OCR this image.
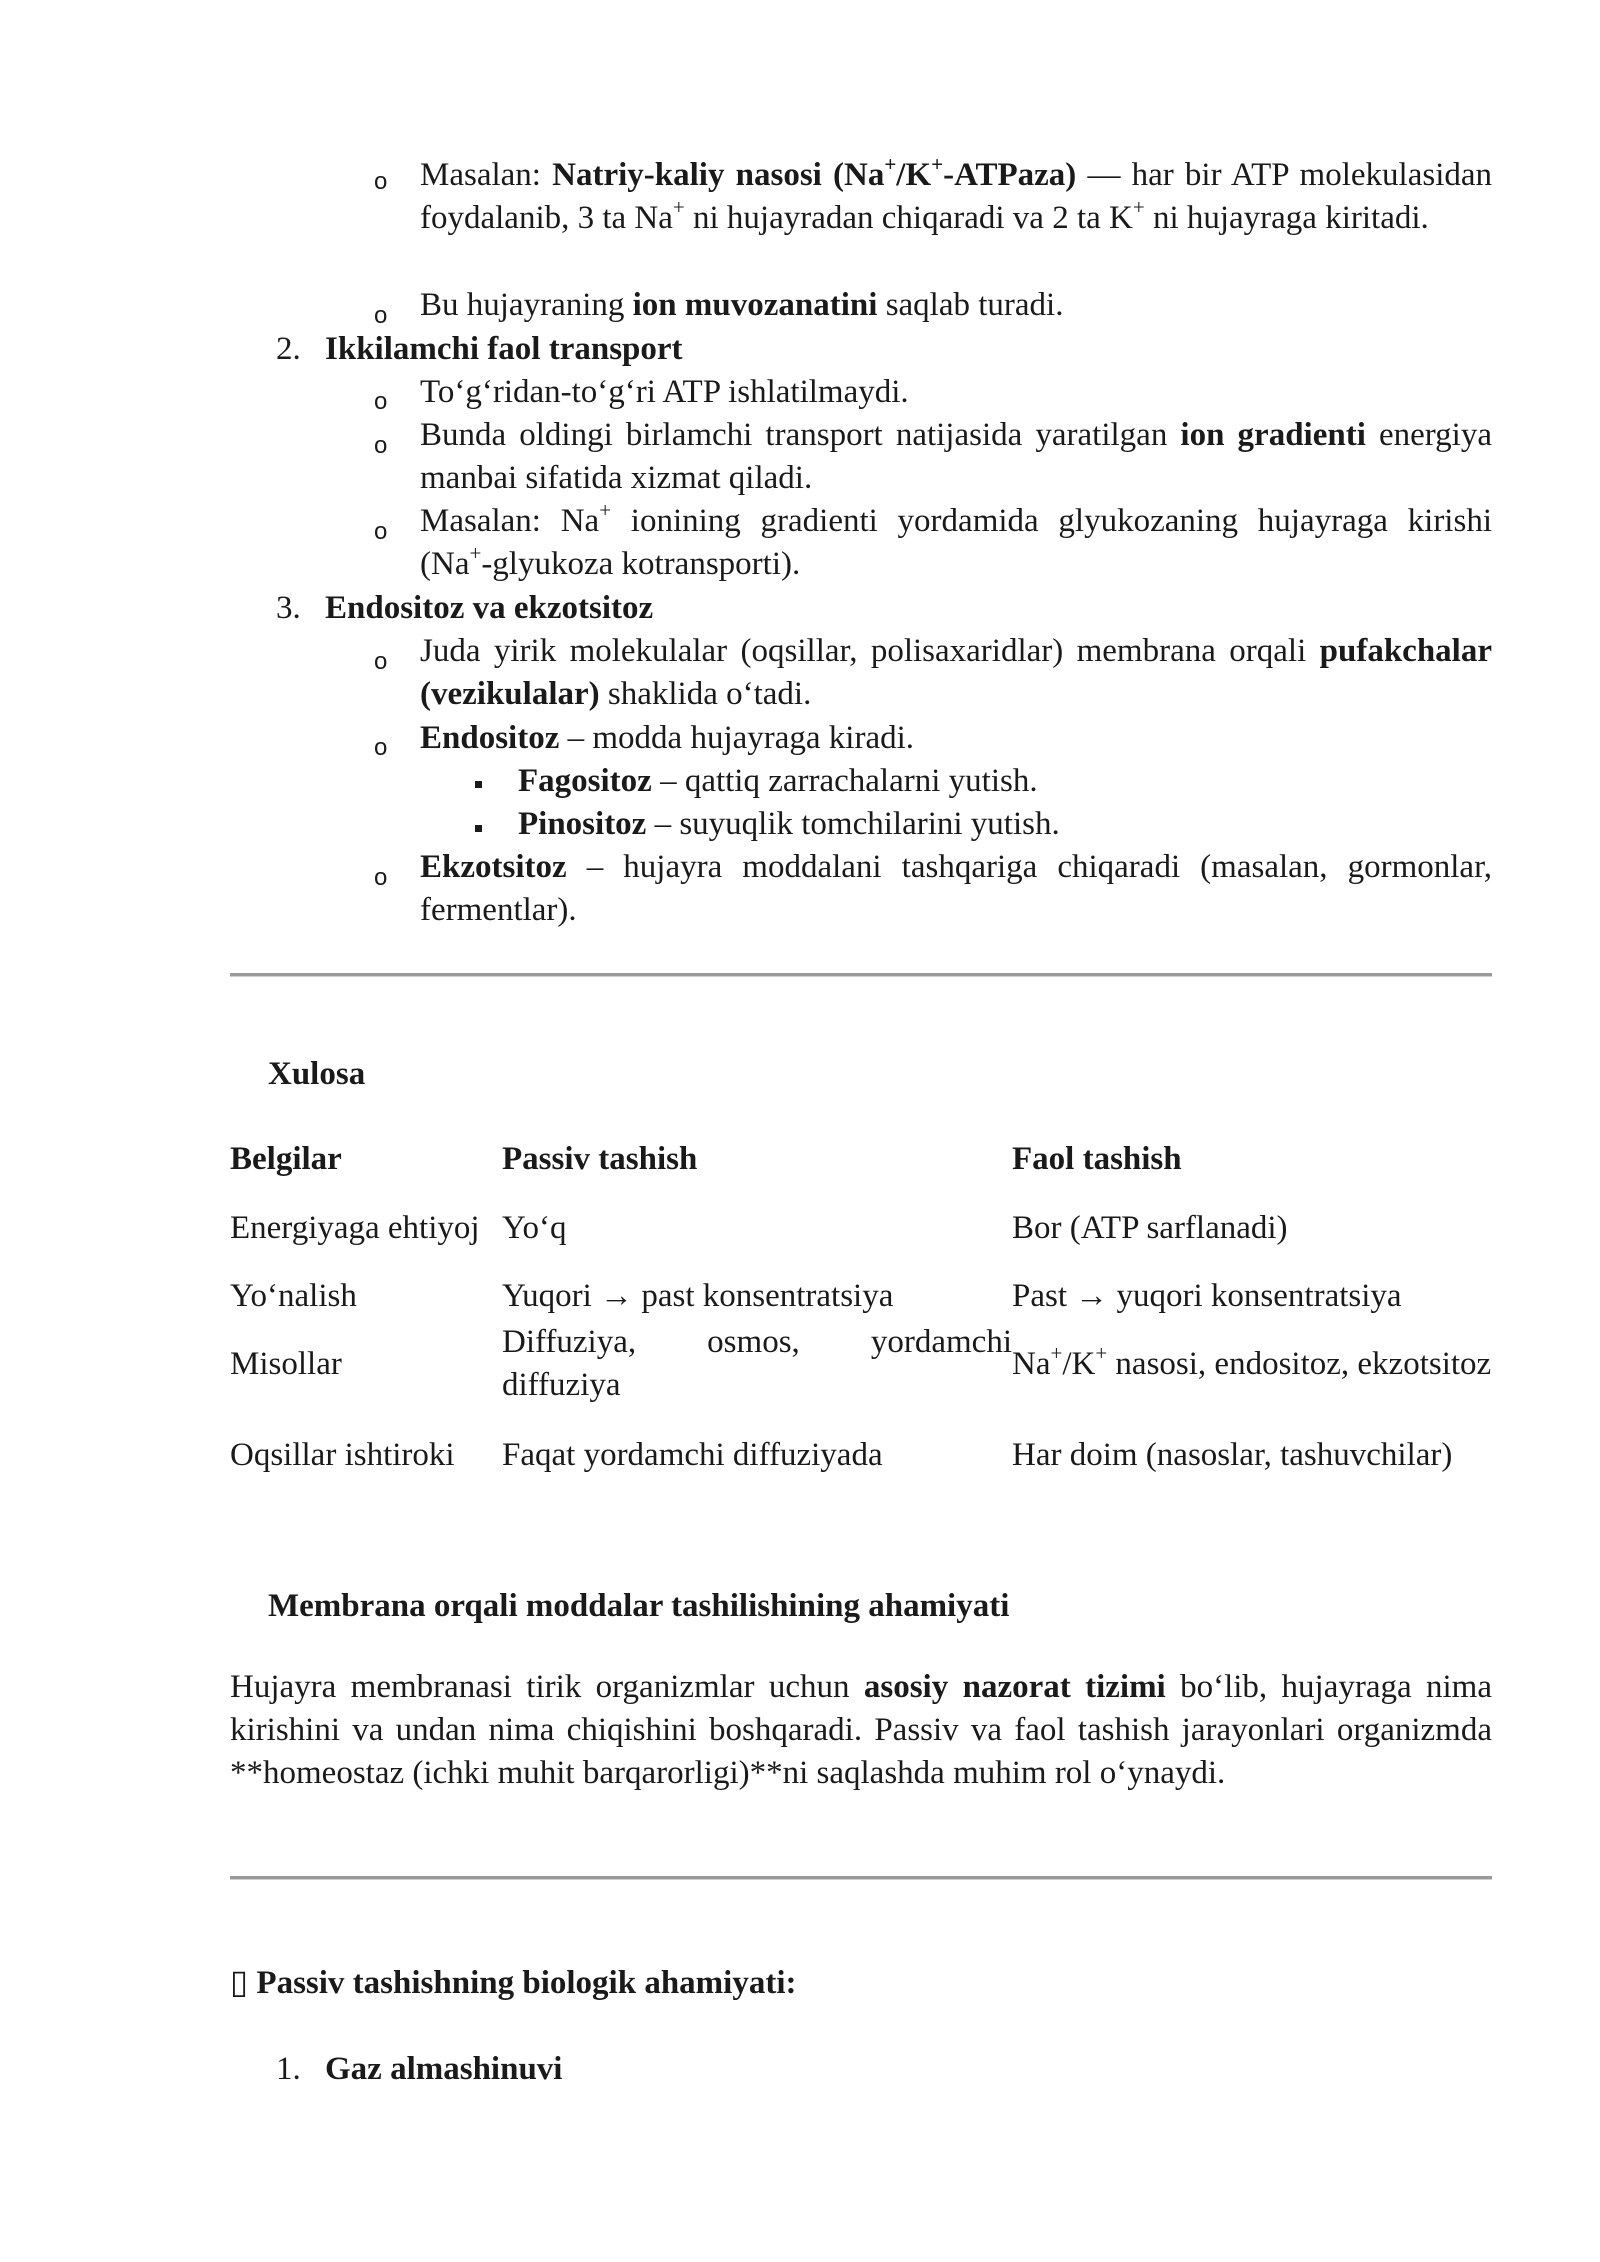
o Masalan: Natriy-kaliy nasosi (Na+/K+-ATPaza) — har bir ATP molekulasidan foydalanib, 3 ta Na+ ni hujayradan chiqaradi va 2 ta K+ ni hujayraga kiritadi.
o Bu hujayraning ion muvozanatini saqlab turadi.
2. Ikkilamchi faol transport
o To‘g‘ridan-to‘g‘ri ATP ishlatilmaydi.
o Bunda oldingi birlamchi transport natijasida yaratilgan ion gradienti energiya manbai sifatida xizmat qiladi.
o Masalan: Na+ ionining gradienti yordamida glyukozaning hujayraga kirishi (Na+-glyukoza kotransporti).
3. Endositoz va ekzotsitoz
o Juda yirik molekulalar (oqsillar, polisaxaridlar) membrana orqali pufakchalar (vezikulalar) shaklida o‘tadi.
o Endositoz – modda hujayraga kiradi.
Fagositoz – qattiq zarrachalarni yutish.
Pinositoz – suyuqlik tomchilarini yutish.
o Ekzotsitoz – hujayra moddalani tashqariga chiqaradi (masalan, gormonlar, fermentlar).
Xulosa
Belgilar	Passiv tashish	Faol tashish
Energiyaga ehtiyoj	Yo‘q	Bor (ATP sarflanadi)
Yo‘nalish	Yuqori → past konsentratsiya	Past → yuqori konsentratsiya
Misollar	Diffuziya, osmos, yordamchi diffuziya	Na+/K+ nasosi, endositoz, ekzotsitoz
Oqsillar ishtiroki	Faqat yordamchi diffuziyada	Har doim (nasoslar, tashuvchilar)
Membrana orqali moddalar tashilishining ahamiyati
Hujayra membranasi tirik organizmlar uchun asosiy nazorat tizimi bo‘lib, hujayraga nima kirishini va undan nima chiqishini boshqaradi. Passiv va faol tashish jarayonlari organizmda **homeostaz (ichki muhit barqarorligi)**ni saqlashda muhim rol o‘ynaydi.
▯ Passiv tashishning biologik ahamiyati:
1. Gaz almashinuvi
